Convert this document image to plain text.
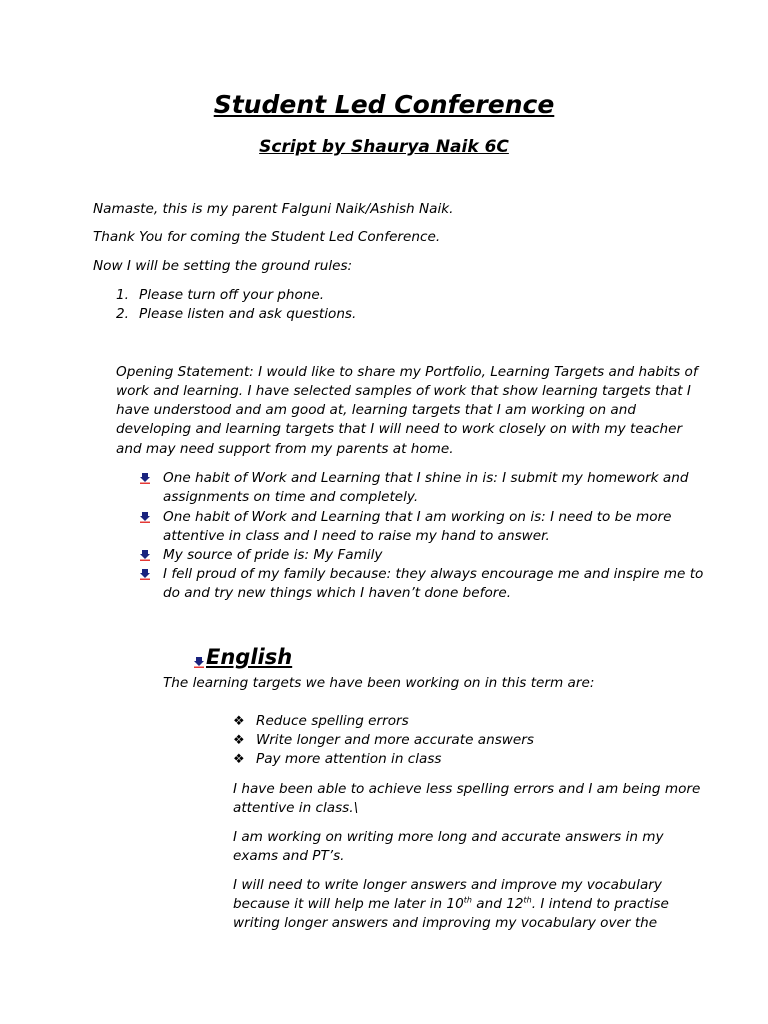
Student Led Conference
Script by Shaurya Naik 6C
Namaste, this is my parent Falguni Naik/Ashish Naik.
Thank You for coming the Student Led Conference.
Now I will be setting the ground rules:
1. Please turn off your phone.
2. Please listen and ask questions.
Opening Statement: I would like to share my Portfolio, Learning Targets and habits of
work and learning. I have selected samples of work that show learning targets that I
have understood and am good at, learning targets that I am working on and
developing and learning targets that I will need to work closely on with my teacher
and may need support from my parents at home.
One habit of Work and Learning that I shine in is: I submit my homework and
assignments on time and completely.
One habit of Work and Learning that I am working on is: I need to be more
attentive in class and I need to raise my hand to answer.
My source of pride is: My Family
I fell proud of my family because: they always encourage me and inspire me to
do and try new things which I haven’t done before.
English
The learning targets we have been working on in this term are:
❖ Reduce spelling errors
❖ Write longer and more accurate answers
❖ Pay more attention in class
I have been able to achieve less spelling errors and I am being more
attentive in class.\
I am working on writing more long and accurate answers in my
exams and PT’s.
I will need to write longer answers and improve my vocabulary
because it will help me later in 10th and 12th. I intend to practise
writing longer answers and improving my vocabulary over the
